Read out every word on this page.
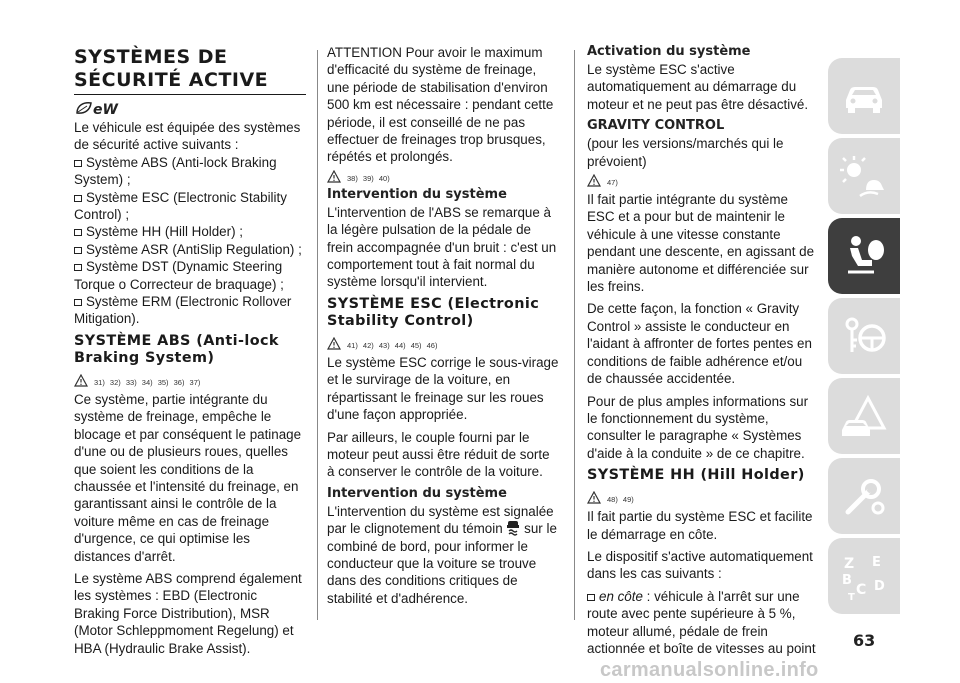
SYSTÈMES DE
SÉCURITÉ ACTIVE
eW

Le véhicule est équipée des systèmes de sécurité active suivants :

Système ABS (Anti-lock Braking System) ;

Système ESC (Electronic Stability Control) ;

Système HH (Hill Holder) ;

Système ASR (AntiSlip Regulation) ;

Système DST (Dynamic Steering Torque o Correcteur de braquage) ;

Système ERM (Electronic Rollover Mitigation).

SYSTÈME ABS (Anti-lock Braking System)
31) 32) 33) 34) 35) 36) 37)

Ce système, partie intégrante du système de freinage, empêche le blocage et par conséquent le patinage d'une ou de plusieurs roues, quelles que soient les conditions de la chaussée et l'intensité du freinage, en garantissant ainsi le contrôle de la voiture même en cas de freinage d'urgence, ce qui optimise les distances d'arrêt.

Le système ABS comprend également les systèmes : EBD (Electronic Braking Force Distribution), MSR (Motor Schleppmoment Regelung) et HBA (Hydraulic Brake Assist).

ATTENTION Pour avoir le maximum d'efficacité du système de freinage, une période de stabilisation d'environ 500 km est nécessaire : pendant cette période, il est conseillé de ne pas effectuer de freinages trop brusques, répétés et prolongés.

38) 39) 40)
Intervention du système

L'intervention de l'ABS se remarque à la légère pulsation de la pédale de frein accompagnée d'un bruit : c'est un comportement tout à fait normal du système lorsqu'il intervient.

SYSTÈME ESC (Electronic Stability Control)
41) 42) 43) 44) 45) 46)

Le système ESC corrige le sous-virage et le survirage de la voiture, en répartissant le freinage sur les roues d'une façon appropriée.

Par ailleurs, le couple fourni par le moteur peut aussi être réduit de sorte à conserver le contrôle de la voiture.

Intervention du système

L'intervention du système est signalée par le clignotement du témoin sur le combiné de bord, pour informer le conducteur que la voiture se trouve dans des conditions critiques de stabilité et d'adhérence.

Activation du système

Le système ESC s'active automatiquement au démarrage du moteur et ne peut pas être désactivé.

GRAVITY CONTROL

(pour les versions/marchés qui le prévoient)

47)

Il fait partie intégrante du système ESC et a pour but de maintenir le véhicule à une vitesse constante pendant une descente, en agissant de manière autonome et différenciée sur les freins.

De cette façon, la fonction « Gravity Control » assiste le conducteur en l'aidant à affronter de fortes pentes en conditions de faible adhérence et/ou de chaussée accidentée.

Pour de plus amples informations sur le fonctionnement du système, consulter le paragraphe « Systèmes d'aide à la conduite » de ce chapitre.

SYSTÈME HH (Hill Holder)
48) 49)

Il fait partie du système ESC et facilite le démarrage en côte.

Le dispositif s'active automatiquement dans les cas suivants :

en côte : véhicule à l'arrêt sur une route avec pente supérieure à 5 %, moteur allumé, pédale de frein actionnée et boîte de vitesses au point

Z E
B
C
T
D
63
carmanualsonline.info
